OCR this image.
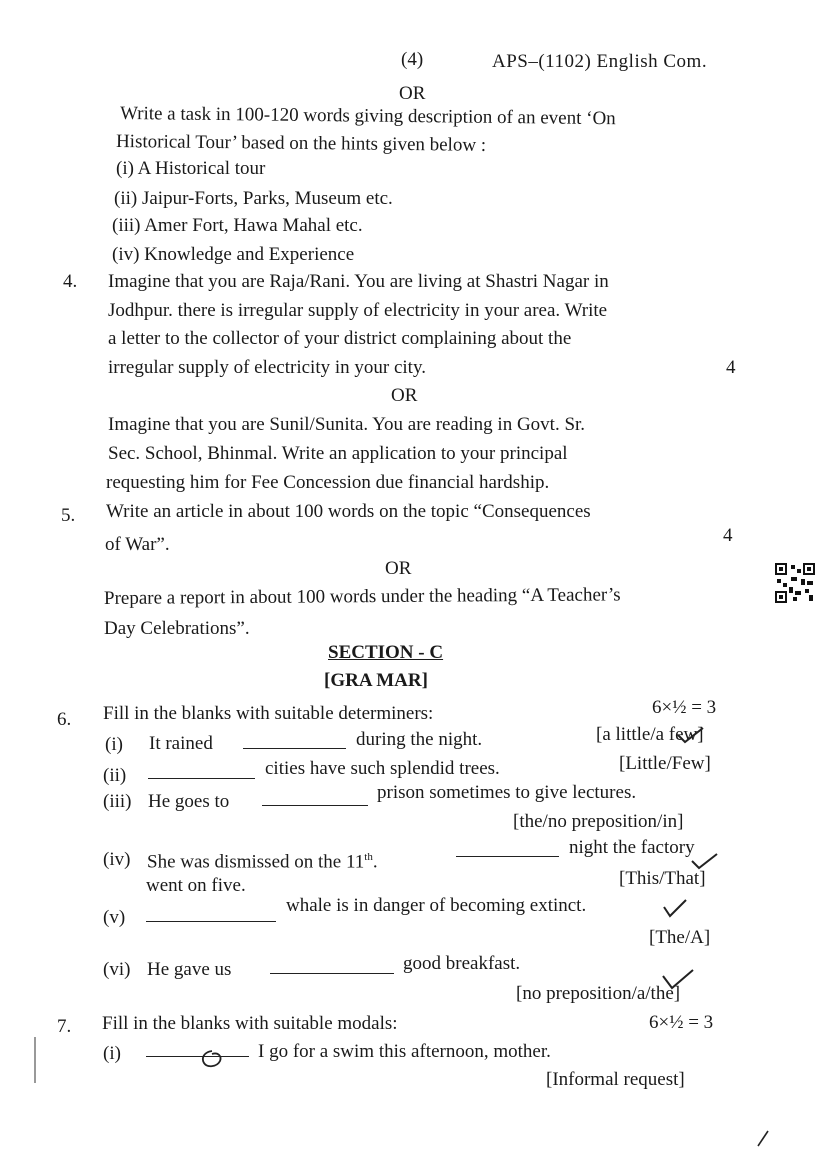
(4)	APS–(1102) English Com.
OR
Write a task in 100-120 words giving description of an event ‘On
Historical Tour’ based on the hints given below :
(i) A Historical tour
(ii) Jaipur-Forts, Parks, Museum etc.
(iii) Amer Fort, Hawa Mahal etc.
(iv) Knowledge and Experience
4. Imagine that you are Raja/Rani. You are living at Shastri Nagar in
Jodhpur. there is irregular supply of electricity in your area. Write
a letter to the collector of your district complaining about the
irregular supply of electricity in your city.	4
OR
Imagine that you are Sunil/Sunita. You are reading in Govt. Sr.
Sec. School, Bhinmal. Write an application to your principal
requesting him for Fee Concession due financial hardship.
5. Write an article in about 100 words on the topic “Consequences
of War”.	4
OR
Prepare a report in about 100 words under the heading “A Teacher’s
Day Celebrations”.
SECTION - C
[GRA MAR]
6. Fill in the blanks with suitable determiners:	6×½ = 3
(i) It rained	during the night.	[a little/a few]
(ii)	cities have such splendid trees.	[Little/Few]
(iii) He goes to	prison sometimes to give lectures.
[the/no preposition/in]
(iv) She was dismissed on the 11th.
night the factory
went on five.	[This/That]
(v)
whale is in danger of becoming extinct.
[The/A]
(vi) He gave us	good breakfast.
[no preposition/a/the]
7. Fill in the blanks with suitable modals:	6×½ = 3
(i)	I go for a swim this afternoon, mother.
[Informal request]
